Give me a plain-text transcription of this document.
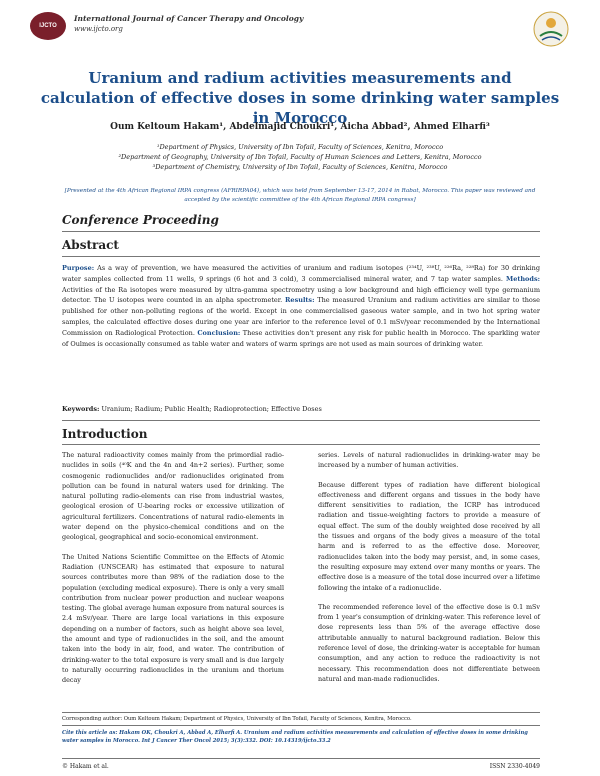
IJCTO
International Journal of Cancer Therapy and Oncology
www.ijcto.org
Uranium and radium activities measurements and calculation of effective doses in some drinking water samples in Morocco
Oum Keltoum Hakam¹, Abdelmajid Choukri¹, Aicha Abbad², Ahmed Elharfi³
¹Department of Physics, University of Ibn Tofail, Faculty of Sciences, Kenitra, Morocco
²Department of Geography, University of Ibn Tofail, Faculty of Human Sciences and Letters, Kenitra, Morocco
³Department of Chemistry, University of Ibn Tofail, Faculty of Sciences, Kenitra, Morocco
[Presented at the 4th African Regional IRPA congress (AFRIRPA04), which was held from September 13-17, 2014 in Rabat, Morocco. This paper was reviewed and accepted by the scientific committee of the 4th African Regional IRPA congress]
Conference Proceeding
Abstract
Purpose: As a way of prevention, we have measured the activities of uranium and radium isotopes (²³⁴U, ²³⁸U, ²²⁶Ra, ²²⁸Ra) for 30 drinking water samples collected from 11 wells, 9 springs (6 hot and 3 cold), 3 commercialised mineral water, and 7 tap water samples. Methods: Activities of the Ra isotopes were measured by ultra-gamma spectrometry using a low background and high efficiency well type germanium detector. The U isotopes were counted in an alpha spectrometer. Results: The measured Uranium and radium activities are similar to those published for other non-polluting regions of the world. Except in one commercialised gaseous water sample, and in two hot spring water samples, the calculated effective doses during one year are inferior to the reference level of 0.1 mSv/year recommended by the International Commission on Radiological Protection. Conclusion: These activities don't present any risk for public health in Morocco. The sparkling water of Oulmes is occasionally consumed as table water and waters of warm springs are not used as main sources of drinking water.
Keywords: Uranium; Radium; Public Health; Radioprotection; Effective Doses
Introduction

The natural radioactivity comes mainly from the primordial radio-nuclides in soils (⁴⁰K and the 4n and 4n+2 series). Further, some cosmogenic radionuclides and/or radionuclides originated from pollution can be found in natural waters used for drinking. The natural polluting radio-elements can rise from industrial wastes, geological erosion of U-bearing rocks or excessive utilization of agricultural fertilizers. Concentrations of natural radio-elements in water depend on the physico-chemical conditions and on the geological, geographical and socio-economical environment.

The United Nations Scientific Committee on the Effects of Atomic Radiation (UNSCEAR) has estimated that exposure to natural sources contributes more than 98% of the radiation dose to the population (excluding medical exposure). There is only a very small contribution from nuclear power production and nuclear weapons testing. The global average human exposure from natural sources is 2.4 mSv/year. There are large local variations in this exposure depending on a number of factors, such as height above sea level, the amount and type of radionuclides in the soil, and the amount taken into the body in air, food, and water. The contribution of drinking-water to the total exposure is very small and is due largely to naturally occurring radionuclides in the uranium and thorium decay

series. Levels of natural radionuclides in drinking-water may be increased by a number of human activities.

Because different types of radiation have different biological effectiveness and different organs and tissues in the body have different sensitivities to radiation, the ICRP has introduced radiation and tissue-weighting factors to provide a measure of equal effect. The sum of the doubly weighted dose received by all the tissues and organs of the body gives a measure of the total harm and is referred to as the effective dose. Moreover, radionuclides taken into the body may persist, and, in some cases, the resulting exposure may extend over many months or years. The effective dose is a measure of the total dose incurred over a lifetime following the intake of a radionuclide.

The recommended reference level of the effective dose is 0.1 mSv from 1 year's consumption of drinking-water. This reference level of dose represents less than 5% of the average effective dose attributable annually to natural background radiation. Below this reference level of dose, the drinking-water is acceptable for human consumption, and any action to reduce the radioactivity is not necessary. This recommendation does not differentiate between natural and man-made radionuclides.

Corresponding author: Oum Keltoum Hakam; Department of Physics, University of Ibn Tofail, Faculty of Sciences, Kenitra, Morocco.
Cite this article as: Hakam OK, Choukri A, Abbad A, Elharfi A. Uranium and radium activities measurements and calculation of effective doses in some drinking water samples in Morocco. Int J Cancer Ther Oncol 2015; 3(3):332. DOI: 10.14319/ijcto.33.2
© Hakam et al.	ISSN 2330-4049
